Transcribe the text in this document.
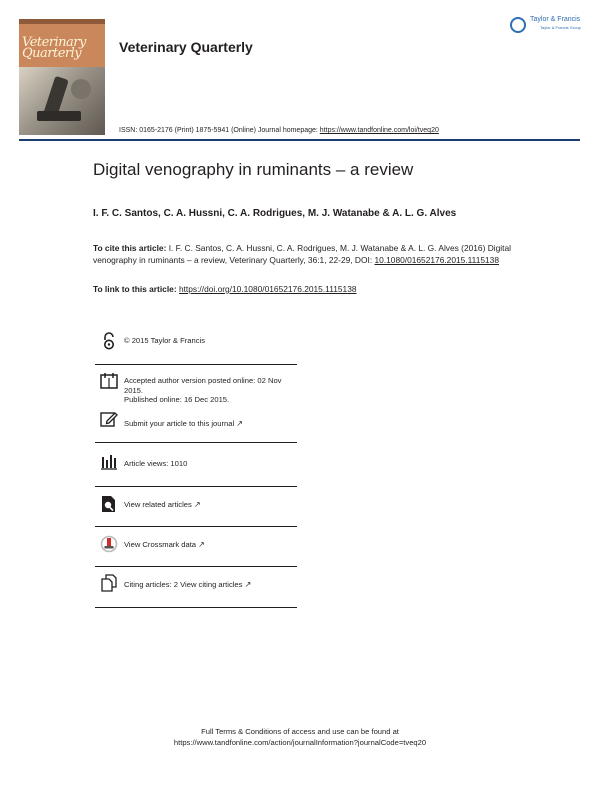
Veterinary
Quarterly	Veterinary Quarterly
Taylor & Francis
Taylor & Francis Group
ISSN: 0165-2176 (Print) 1875-5941 (Online) Journal homepage: https://www.tandfonline.com/loi/tveq20
Digital venography in ruminants – a review
I. F. C. Santos, C. A. Hussni, C. A. Rodrigues, M. J. Watanabe & A. L. G. Alves
To cite this article: I. F. C. Santos, C. A. Hussni, C. A. Rodrigues, M. J. Watanabe & A. L. G. Alves (2016) Digital venography in ruminants – a review, Veterinary Quarterly, 36:1, 22-29, DOI: 10.1080/01652176.2015.1115138
To link to this article: https://doi.org/10.1080/01652176.2015.1115138
© 2015 Taylor & Francis
Accepted author version posted online: 02 Nov 2015.
Published online: 16 Dec 2015.
Submit your article to this journal ↗
Article views: 1010
View related articles ↗
View Crossmark data ↗
Citing articles: 2 View citing articles ↗
Full Terms & Conditions of access and use can be found at
https://www.tandfonline.com/action/journalInformation?journalCode=tveq20
